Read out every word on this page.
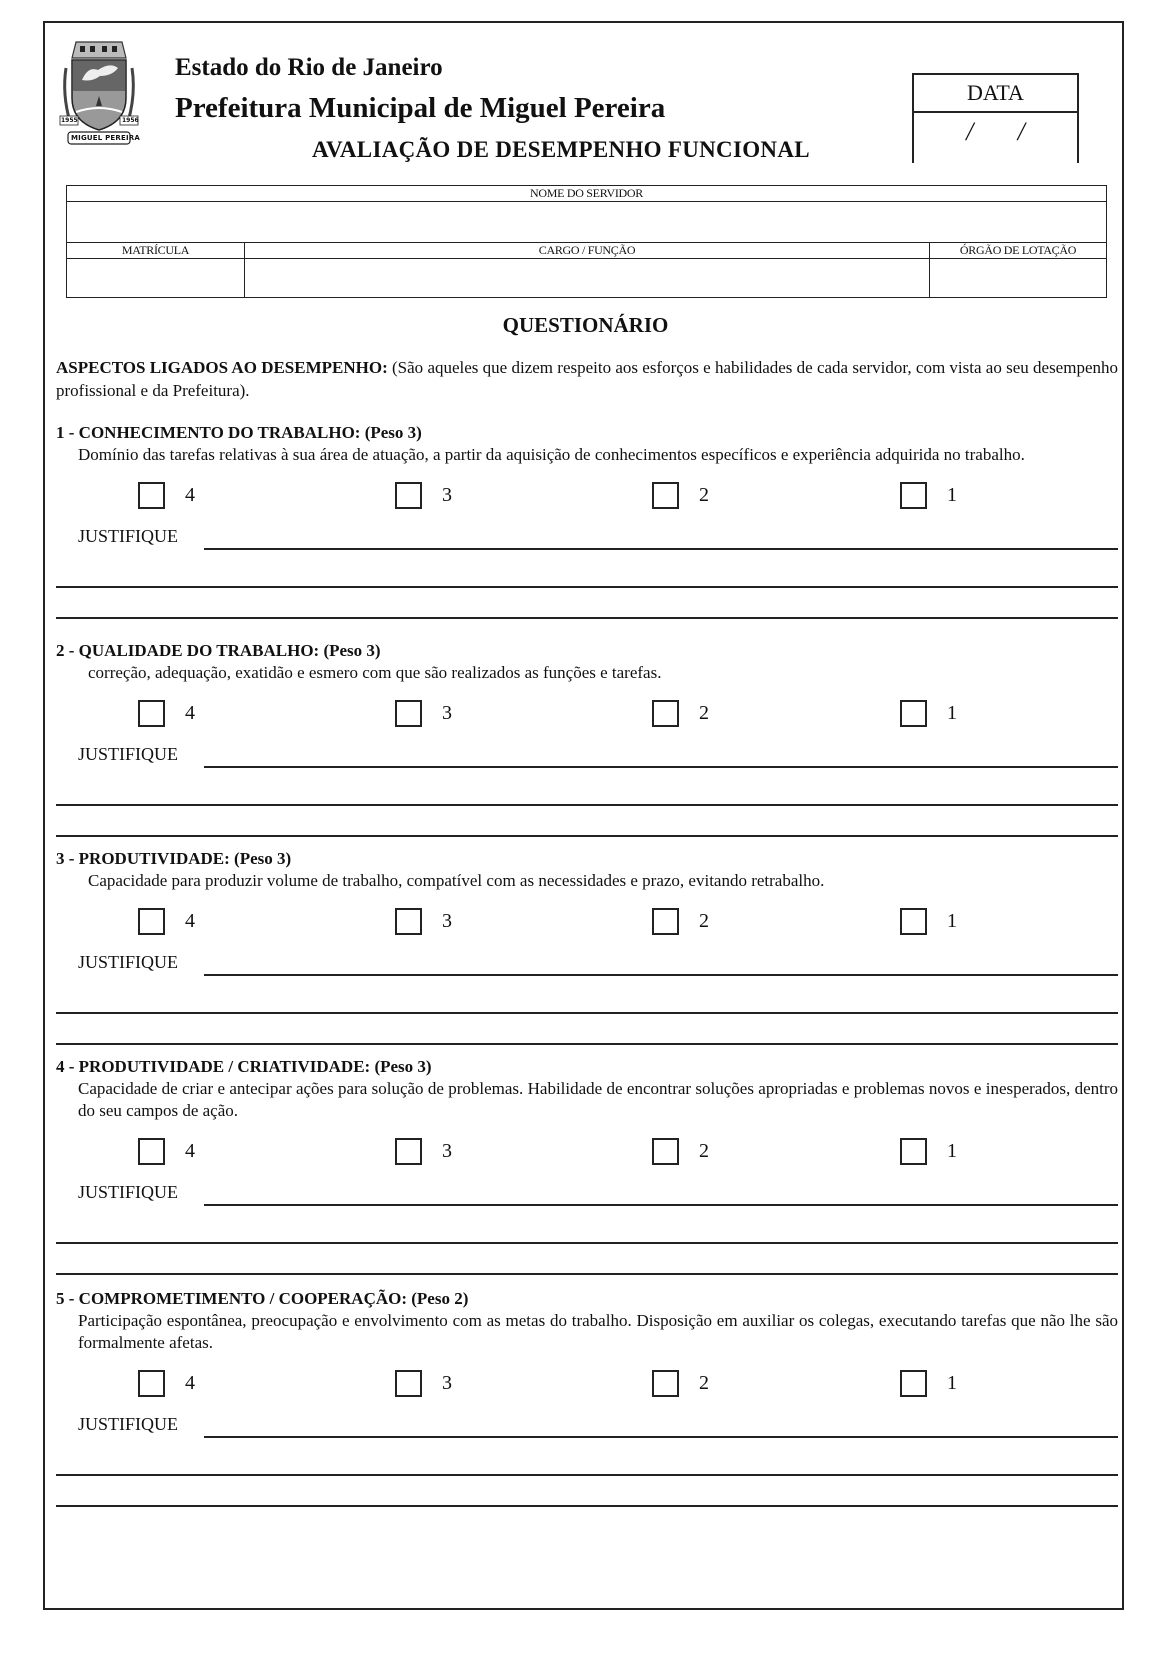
1955	1956
MIGUEL PEREIRA
Estado do Rio de Janeiro
Prefeitura Municipal de Miguel Pereira
AVALIAÇÃO DE DESEMPENHO FUNCIONAL
DATA
/ /
NOME DO SERVIDOR		

MATRÍCULA	CARGO / FUNÇÃO	ÓRGÃO DE LOTAÇÃO

QUESTIONÁRIO
ASPECTOS LIGADOS AO DESEMPENHO: (São aqueles que dizem respeito aos esforços e habilidades de cada servidor, com vista ao seu desempenho profissional e da Prefeitura).
1 - CONHECIMENTO DO TRABALHO: (Peso 3)
Domínio das tarefas relativas à sua área de atuação, a partir da aquisição de conhecimentos específicos e experiência adquirida no trabalho.
4	3	2	1
JUSTIFIQUE
2 - QUALIDADE DO TRABALHO: (Peso 3)
correção, adequação, exatidão e esmero com que são realizados as funções e tarefas.
4	3	2	1
JUSTIFIQUE
3 - PRODUTIVIDADE: (Peso 3)
Capacidade para produzir volume de trabalho, compatível com as necessidades e prazo, evitando retrabalho.
4	3	2	1
JUSTIFIQUE
4 - PRODUTIVIDADE / CRIATIVIDADE: (Peso 3)
Capacidade de criar e antecipar ações para solução de problemas. Habilidade de encontrar soluções apropriadas e problemas novos e inesperados, dentro do seu campos de ação.
4	3	2	1
JUSTIFIQUE
5 - COMPROMETIMENTO / COOPERAÇÃO: (Peso 2)
Participação espontânea, preocupação e envolvimento com as metas do trabalho. Disposição em auxiliar os colegas, executando tarefas que não lhe são formalmente afetas.
4	3	2	1
JUSTIFIQUE
